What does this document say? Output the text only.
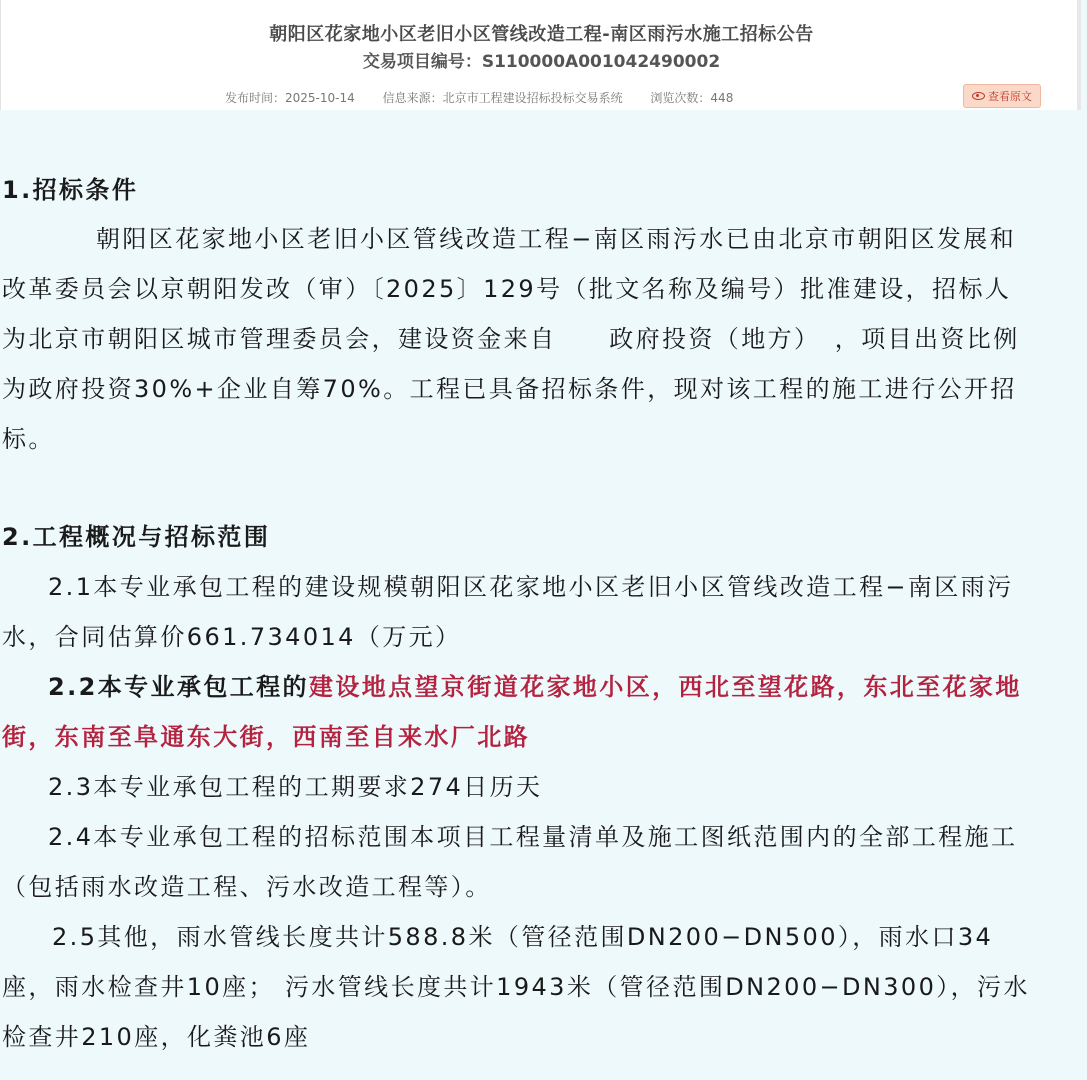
朝阳区花家地小区老旧小区管线改造工程-南区雨污水施工招标公告
交易项目编号：S110000A001042490002
发布时间：2025-10-14 信息来源：北京市工程建设招标投标交易系统 浏览次数：448	查看原文
1.招标条件
朝阳区花家地小区老旧小区管线改造工程−南区雨污水已由北京市朝阳区发展和
改革委员会以京朝阳发改（审）〔2025〕129号（批文名称及编号）批准建设，招标人
为北京市朝阳区城市管理委员会，建设资金来自　　政府投资（地方）　，项目出资比例
为政府投资30%+企业自筹70%。工程已具备招标条件，现对该工程的施工进行公开招
标。
2.工程概况与招标范围
2.1本专业承包工程的建设规模朝阳区花家地小区老旧小区管线改造工程−南区雨污
水，合同估算价661.734014（万元）
2.2本专业承包工程的建设地点望京街道花家地小区，西北至望花路，东北至花家地
街，东南至阜通东大街，西南至自来水厂北路
2.3本专业承包工程的工期要求274日历天
2.4本专业承包工程的招标范围本项目工程量清单及施工图纸范围内的全部工程施工
（包括雨水改造工程、污水改造工程等）。
2.5其他，雨水管线长度共计588.8米（管径范围DN200−DN500），雨水口34
座，雨水检查井10座； 污水管线长度共计1943米（管径范围DN200−DN300），污水
检查井210座，化粪池6座
